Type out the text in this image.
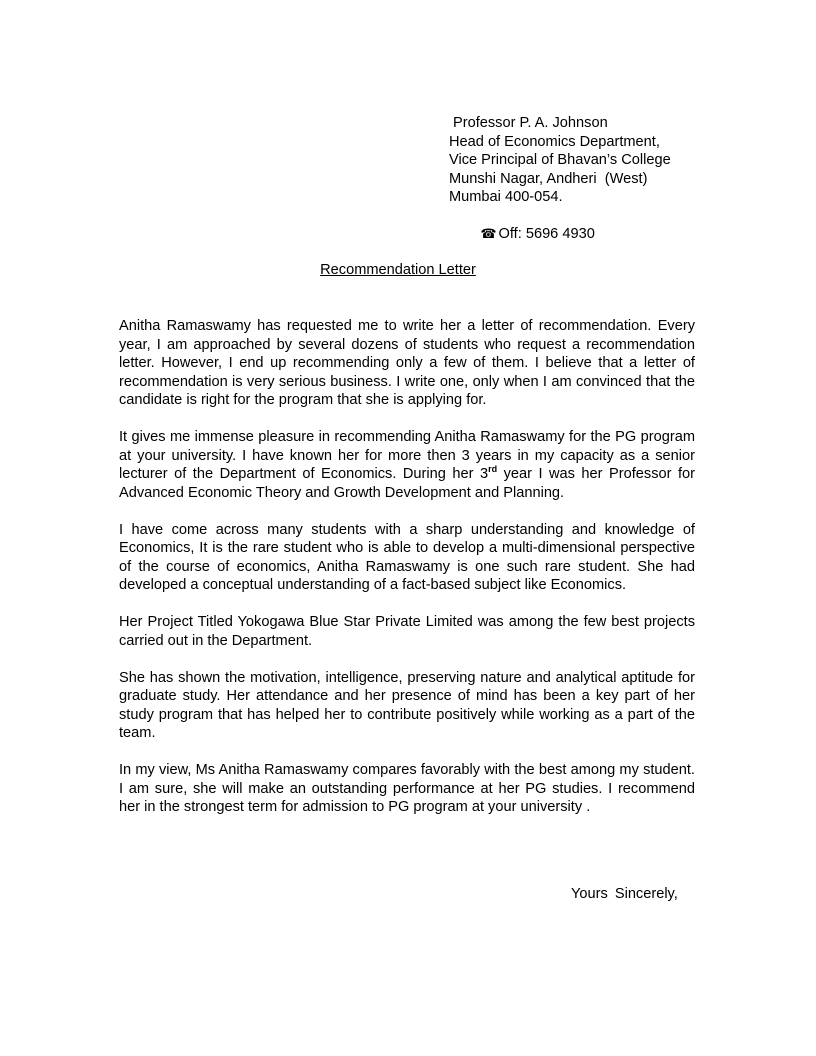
Professor P. A. Johnson
Head of Economics Department,
Vice Principal of Bhavan’s College
Munshi Nagar, Andheri  (West)
Mumbai 400-054.

☎ Off: 5696 4930

Recommendation Letter

Anitha Ramaswamy has requested me to write her a letter of recommendation. Every year, I am approached by several dozens of students who request a recommendation letter. However, I end up recommending only a few of them. I believe that a letter of recommendation is very serious business. I write one, only when I am convinced that the candidate is right for the program that she is applying for.

It gives me immense pleasure in recommending Anitha Ramaswamy for the PG program at your university. I have known her for more then 3 years in my capacity as a senior lecturer of the Department of Economics. During her 3rd year I was her Professor for Advanced Economic Theory and Growth Development and Planning.

I have come across many students with a sharp understanding and knowledge of Economics, It is the rare student who is able to develop a multi-dimensional perspective of the course of economics, Anitha Ramaswamy is one such rare student. She had developed a conceptual understanding of a fact-based subject like Economics.

Her Project Titled Yokogawa Blue Star Private Limited was among the few best projects carried out in the Department.

She has shown the motivation, intelligence, preserving nature and analytical aptitude for graduate study. Her attendance and her presence of mind has been a key part of her study program that has helped her to contribute positively while working as a part of the team.

In my view, Ms Anitha Ramaswamy compares favorably with the best among my student. I am sure, she will make an outstanding performance at her PG studies. I recommend her in the strongest term for admission to PG program at your university .

Yours Sincerely,
